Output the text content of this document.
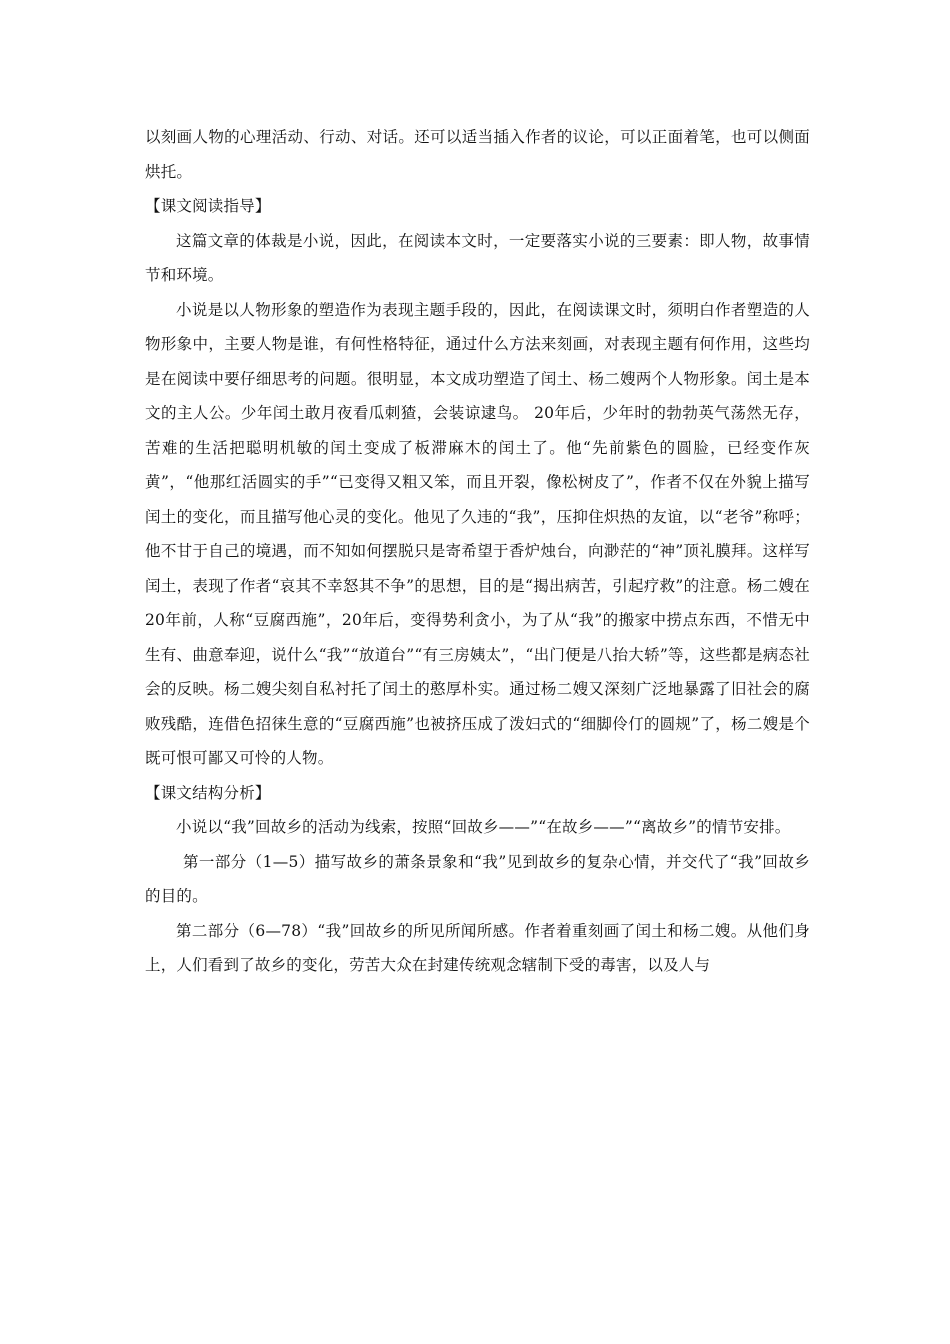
以刻画人物的心理活动、行动、对话。还可以适当插入作者的议论，可以正面着笔，也可以侧面烘托。

【课文阅读指导】

这篇文章的体裁是小说，因此，在阅读本文时，一定要落实小说的三要素：即人物，故事情节和环境。

小说是以人物形象的塑造作为表现主题手段的，因此，在阅读课文时，须明白作者塑造的人物形象中，主要人物是谁，有何性格特征，通过什么方法来刻画，对表现主题有何作用，这些均是在阅读中要仔细思考的问题。很明显，本文成功塑造了闰土、杨二嫂两个人物形象。闰土是本文的主人公。少年闰土敢月夜看瓜刺猹，会装谅逮鸟。 20年后，少年时的勃勃英气荡然无存，苦难的生活把聪明机敏的闰土变成了板滞麻木的闰土了。他“先前紫色的圆脸，已经变作灰黄”，“他那红活圆实的手”“已变得又粗又笨，而且开裂，像松树皮了”，作者不仅在外貌上描写闰土的变化，而且描写他心灵的变化。他见了久违的“我”，压抑住炽热的友谊，以“老爷”称呼；他不甘于自己的境遇，而不知如何摆脱只是寄希望于香炉烛台，向渺茫的“神”顶礼膜拜。这样写闰土，表现了作者“哀其不幸怒其不争”的思想，目的是“揭出病苦，引起疗救”的注意。杨二嫂在 20年前，人称“豆腐西施”，20年后，变得势利贪小，为了从“我”的搬家中捞点东西，不惜无中生有、曲意奉迎，说什么“我”“放道台”“有三房姨太”，“出门便是八抬大轿”等，这些都是病态社会的反映。杨二嫂尖刻自私衬托了闰土的憨厚朴实。通过杨二嫂又深刻广泛地暴露了旧社会的腐败残酷，连借色招徕生意的“豆腐西施”也被挤压成了泼妇式的“细脚伶仃的圆规”了，杨二嫂是个既可恨可鄙又可怜的人物。

【课文结构分析】

小说以“我”回故乡的活动为线索，按照“回故乡——”“在故乡——”“离故乡”的情节安排。

第一部分（1—5）描写故乡的萧条景象和“我”见到故乡的复杂心情，并交代了“我”回故乡的目的。

第二部分（6—78）“我”回故乡的所见所闻所感。作者着重刻画了闰土和杨二嫂。从他们身上，人们看到了故乡的变化，劳苦大众在封建传统观念辖制下受的毒害，以及人与
